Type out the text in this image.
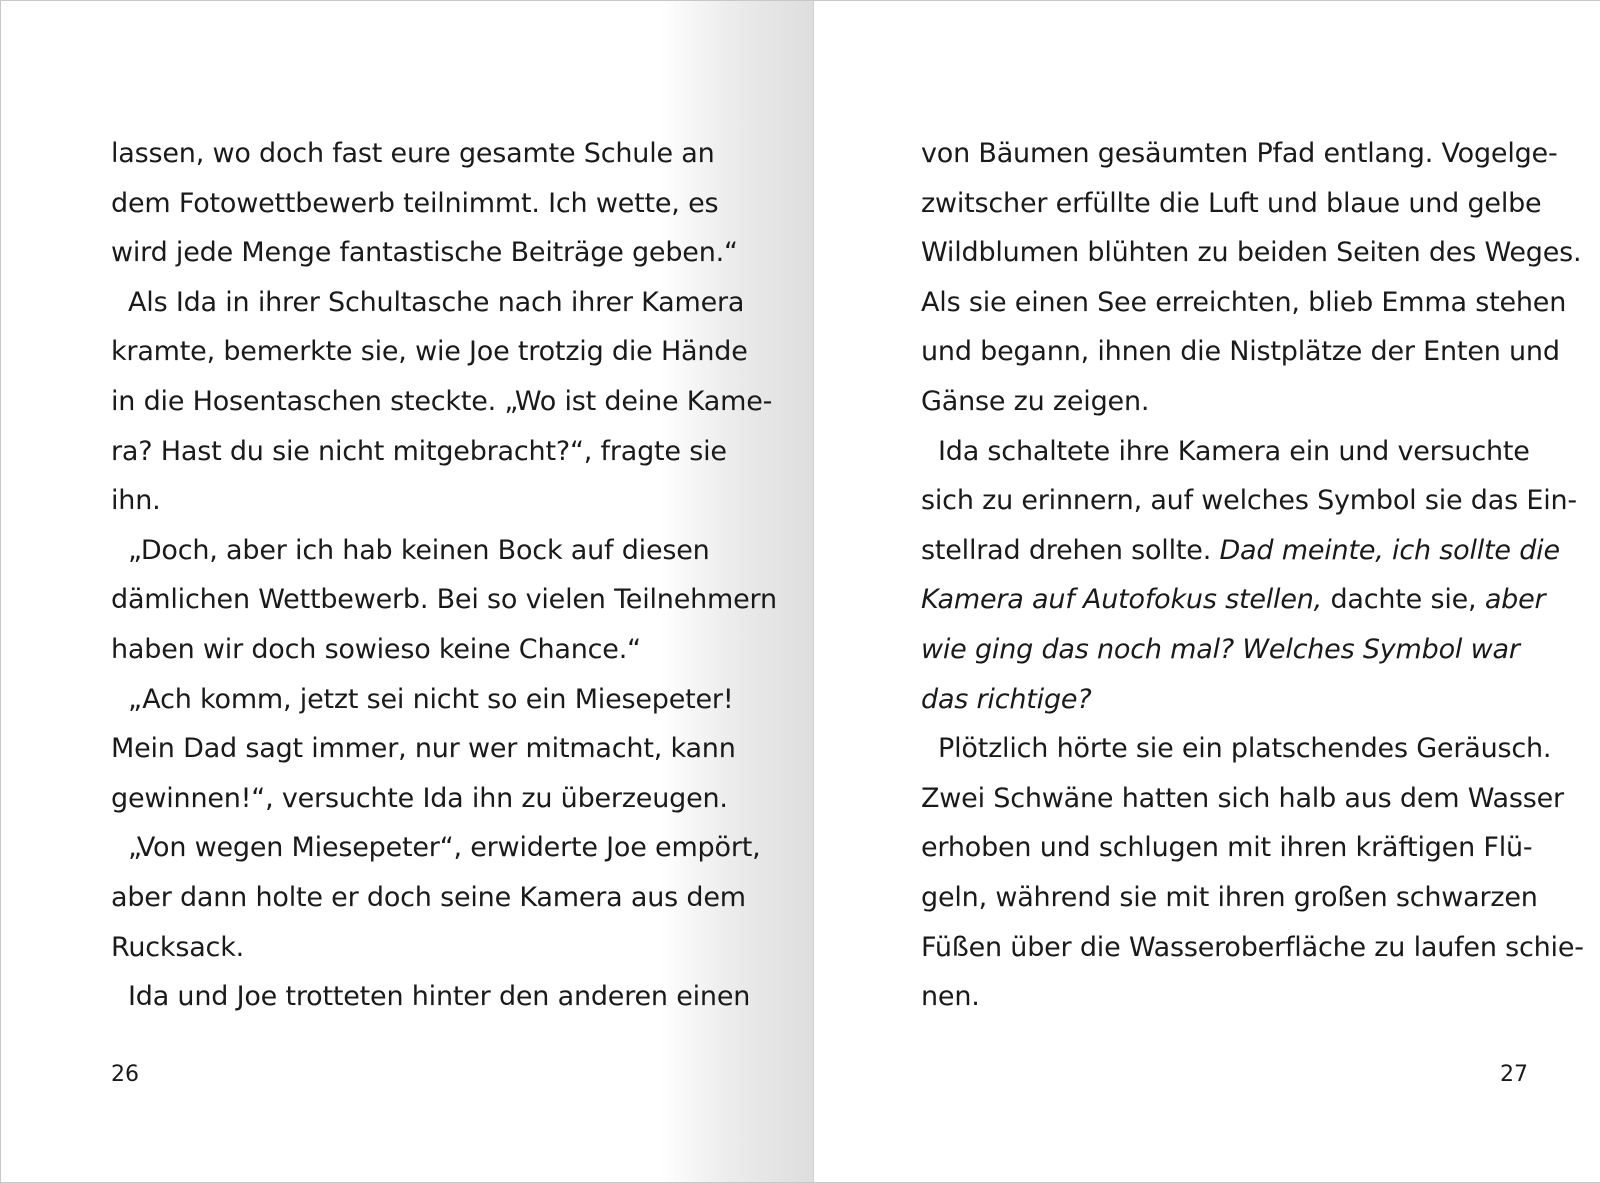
lassen, wo doch fast eure gesamte Schule an
dem Fotowettbewerb teilnimmt. Ich wette, es
wird jede Menge fantastische Beiträge geben.“
Als Ida in ihrer Schultasche nach ihrer Kamera
kramte, bemerkte sie, wie Joe trotzig die Hände
in die Hosentaschen steckte. „Wo ist deine Kame-
ra? Hast du sie nicht mitgebracht?“, fragte sie
ihn.
„Doch, aber ich hab keinen Bock auf diesen
dämlichen Wettbewerb. Bei so vielen Teilnehmern
haben wir doch sowieso keine Chance.“
„Ach komm, jetzt sei nicht so ein Miesepeter!
Mein Dad sagt immer, nur wer mitmacht, kann
gewinnen!“, versuchte Ida ihn zu überzeugen.
„Von wegen Miesepeter“, erwiderte Joe empört,
aber dann holte er doch seine Kamera aus dem
Rucksack.
Ida und Joe trotteten hinter den anderen einen
26
von Bäumen gesäumten Pfad entlang. Vogelge-
zwitscher erfüllte die Luft und blaue und gelbe
Wildblumen blühten zu beiden Seiten des Weges.
Als sie einen See erreichten, blieb Emma stehen
und begann, ihnen die Nistplätze der Enten und
Gänse zu zeigen.
Ida schaltete ihre Kamera ein und versuchte
sich zu erinnern, auf welches Symbol sie das Ein-
stellrad drehen sollte. Dad meinte, ich sollte die
Kamera auf Autofokus stellen, dachte sie, aber
wie ging das noch mal? Welches Symbol war
das richtige?
Plötzlich hörte sie ein platschendes Geräusch.
Zwei Schwäne hatten sich halb aus dem Wasser
erhoben und schlugen mit ihren kräftigen Flü-
geln, während sie mit ihren großen schwarzen
Füßen über die Wasseroberfläche zu laufen schie-
nen.
27
